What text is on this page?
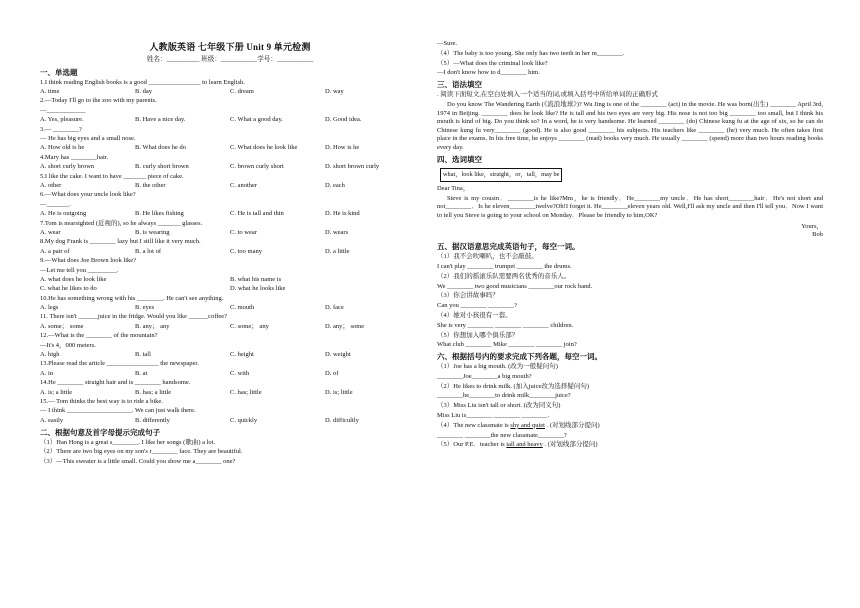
人教版英语 七年级下册 Unit 9 单元检测
姓名：__________ 班级：___________学号：___________
一、单选题
1.I think reading English books is a good ________________ to learn English.
A. time	B. day	C. dream	D. way
2.—Today I'll go to the zoo with my parents.
—____________
A. Yes, pleasure.	B. Have a nice day.	C. What a good day.	D. Good idea.
3.— ________?
— He has big eyes and a small nose.
A. How old is he	B. What does he do	C. What does he look like	D. How is he
4.Mary has ________hair.
A. short curly brown	B. curly short brown	C. brown curly short	D. short brown curly
5.I like the cake. I want to have _______ piece of cake.
A. other	B. the other	C. another	D. each
6.—What does your uncle look like?
—_______.
A. He is outgoing	B. He likes fishing	C. He is tall and thin	D. He is kind
7.Tom is nearsighted (近视的), so he always _______ glasses.
A. wear	B. is wearing	C. to wear	D. wears
8.My dog Frank is ________ lazy but I still like it very much.
A. a pair of	B. a lot of	C. too many	D. a little
9.—What does Joe Brown look like?
—Let me tell you _________.
A. what does he look like	B. what his name is
C. what he likes to do	D. what he looks like
10.He has something wrong with his ________. He can't see anything.
A. legs	B. eyes	C. mouth	D. face
11. There isn't ______juice in the fridge. Would you like ______coffee?
A. some； some	B. any； any	C. some； any	D. any； some
12.—What is the ________ of the mountain?
—It's 4，000 meters.
A. high	B. tall	C. height	D. weight
13.Please read the article ________________ the newspaper.
A. in	B. at	C. with	D. of
14.He ________ straight hair and is ________ handsome.
A. is; a little	B. has; a little	C. has; little	D. is; little
15.— Tom thinks the best way is to ride a bike.
— I think ____________________. We can just walk there.
A. easily	B. differently	C. quickly	D. difficultly
二、根据句意及首字母提示完成句子
（1）Han Hong is a great s________. I like her songs (歌曲) a lot.
（2）There are two big eyes on my son's r________ face. They are beautiful.
（3）—This sweater is a little small. Could you show me a________ one?
—Sure.
（4）The baby is too young. She only has two teeth in her m________.
（5）—What does the criminal look like?
—I don't know how to d________ him.
三、语法填空
. 阅读下面短文,在空白处填入一个适当的词,或填入括号中所给单词的正确形式
Do you know The Wandering Earth (《流浪地球》)? Wu Jing is one of the ________ (act) in the movie. He was born(出生) ________ April 3rd, 1974 in Beijing. ________ does he look like? He is tall and his two eyes are very big. His nose is not too big ________ too small, but I think his mouth is kind of big. Do you think so? In a word, he is very handsome. He learned ________ (do) Chinese kung fu at the age of six, so he can do Chinese kung fu very________ (good). He is also good ________ his subjects. His teachers like ________ (he) very much. He often takes first place in the exams. In his free time, he enjoys ________ (read) books very much. He usually ________ (spend) more than two hours reading books every day.
四、选词填空
what，look like，straight，or，tall，may be
Dear Tina，
Steve is my cousin．________is he like?Mm，he is friendly．He________my uncle．He has short________hair．He's not short and not________．Is he eleven________twelve?Oh!I forget it. He________eleven years old. Well,I'll ask my uncle and then I'll tell you．Now I want to tell you Steve is going to your school on Monday．Please be friendly to him,OK?
Yours，
Bob
五、据汉语意思完成英语句子，每空一词。
（1）我不会吹喇叭，也不会敲鼓。
I can't play ________ trumpet ________ the drums.
（2）我们的摇滚乐队需要两名优秀的音乐人。
We ________ two good musicians ________our rock band.
（3）你会讲故事吗？
Can you ________ ________?
（4）她对小孩很有一套。
She is very ________ ________ ________ children.
（5）你想加入哪个俱乐部？
What club ________ Mike ________ ________ join?
六、根据括号内的要求完成下列各题，每空一词。
（1）Joe has a big mouth. (改为一般疑问句)
________Joe________a big mouth?
（2）He likes to drink milk. (加入juice改为选择疑问句)
________he________to drink milk________juice?
（3）Miss Liu isn't tall or short. (改为同义句)
Miss Liu is________ ________ ________.
（4）The new classmate is shy and quiet . (对划线部分提问)
________ ________the new classmate________?
（5）Our P.E．teacher is tall and heavy . (对划线部分提问)
